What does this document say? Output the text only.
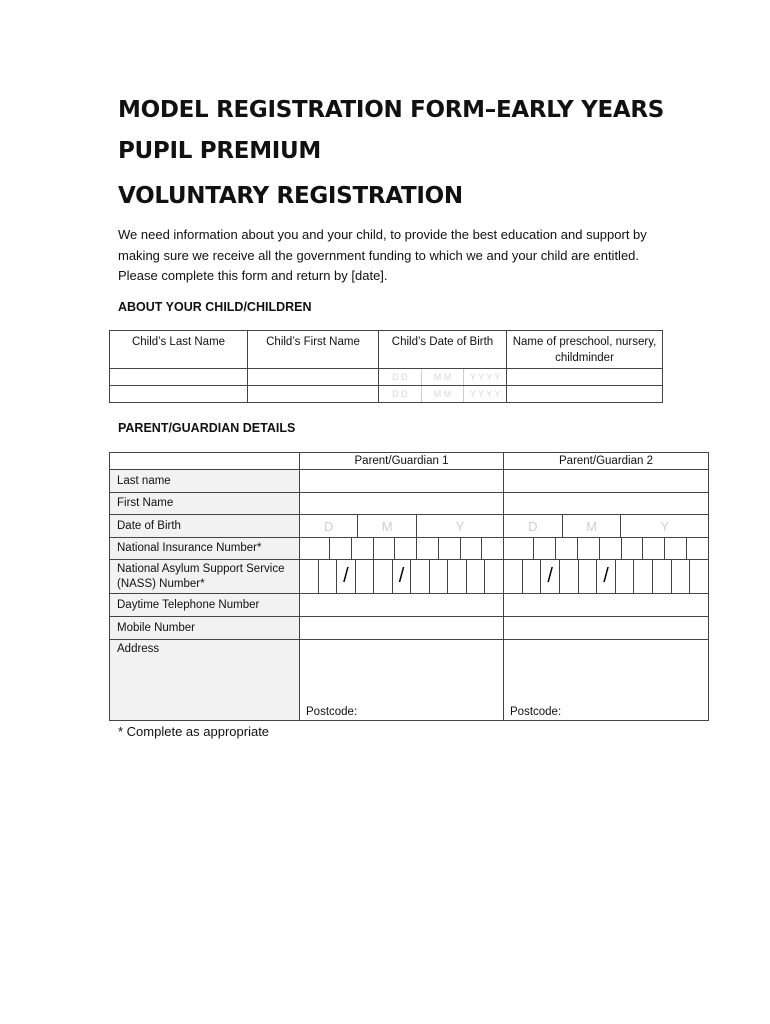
MODEL REGISTRATION FORM–EARLY YEARS PUPIL PREMIUM
VOLUNTARY REGISTRATION

We need information about you and your child, to provide the best education and support by making sure we receive all the government funding to which we and your child are entitled. Please complete this form and return by [date].

ABOUT YOUR CHILD/CHILDREN
Child’s Last Name	Child’s First Name	Child’s Date of Birth	Name of preschool, nursery, childminder

		D D M M Y Y Y Y	

		D D M M Y Y Y Y	

PARENT/GUARDIAN DETAILS
	Parent/Guardian 1	Parent/Guardian 2
Last name		
First Name		
Date of Birth	D M Y	D M Y

National Insurance Number*	

National Asylum Support Service (NASS) Number*	/ /	/ /

Daytime Telephone Number		
Mobile Number		
Address	Postcode:	Postcode:
* Complete as appropriate
